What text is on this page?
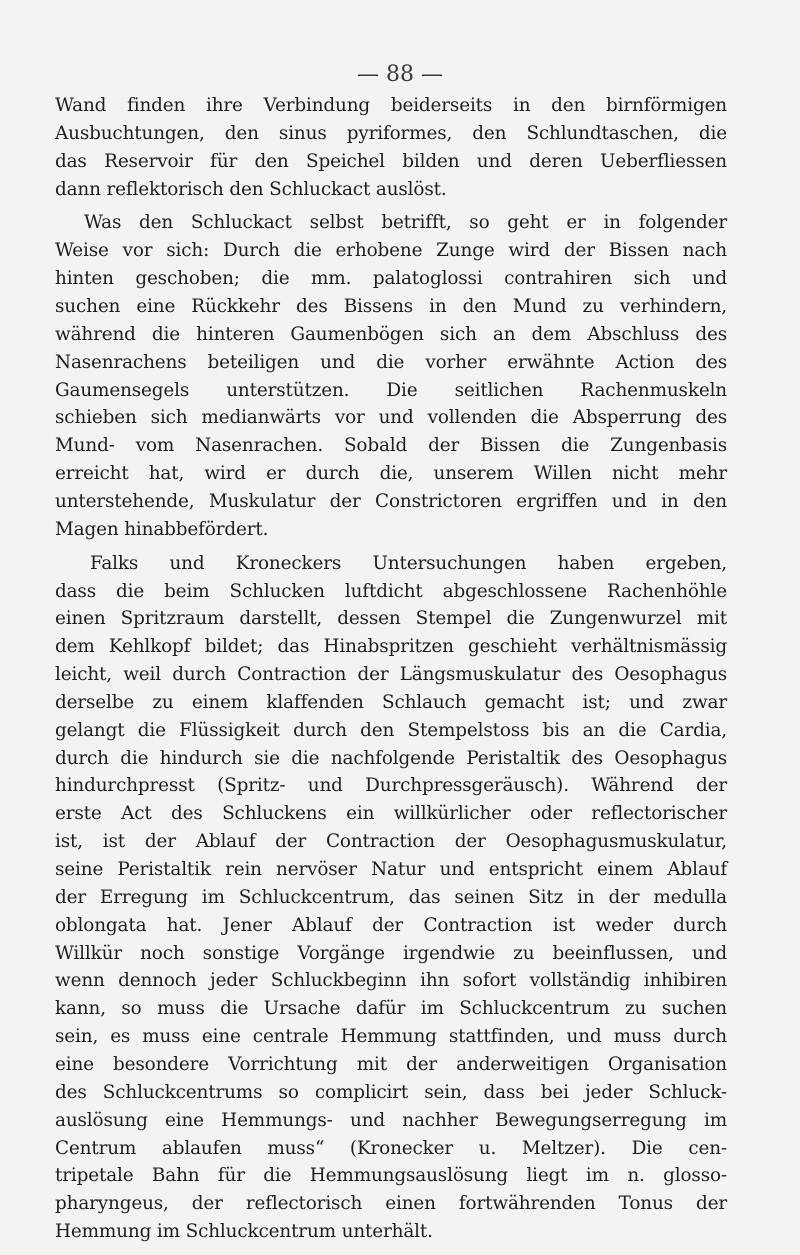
— 88 —
Wand finden ihre Verbindung beiderseits in den birnförmigen
Ausbuchtungen, den sinus pyriformes, den Schlundtaschen, die
das Reservoir für den Speichel bilden und deren Ueberfliessen
dann reflektorisch den Schluckact auslöst.
Was den Schluckact selbst betrifft, so geht er in folgender
Weise vor sich: Durch die erhobene Zunge wird der Bissen nach
hinten geschoben; die mm. palatoglossi contrahiren sich und
suchen eine Rückkehr des Bissens in den Mund zu verhindern,
während die hinteren Gaumenbögen sich an dem Abschluss des
Nasenrachens beteiligen und die vorher erwähnte Action des
Gaumensegels unterstützen. Die seitlichen Rachenmuskeln
schieben sich medianwärts vor und vollenden die Absperrung des
Mund- vom Nasenrachen. Sobald der Bissen die Zungenbasis
erreicht hat, wird er durch die, unserem Willen nicht mehr
unterstehende, Muskulatur der Constrictoren ergriffen und in den
Magen hinabbefördert.
Falks und Kroneckers Untersuchungen haben ergeben,
dass die beim Schlucken luftdicht abgeschlossene Rachenhöhle
einen Spritzraum darstellt, dessen Stempel die Zungenwurzel mit
dem Kehlkopf bildet; das Hinabspritzen geschieht verhältnismässig
leicht, weil durch Contraction der Längsmuskulatur des Oesophagus
derselbe zu einem klaffenden Schlauch gemacht ist; und zwar
gelangt die Flüssigkeit durch den Stempelstoss bis an die Cardia,
durch die hindurch sie die nachfolgende Peristaltik des Oesophagus
hindurchpresst (Spritz- und Durchpressgeräusch). Während der
erste Act des Schluckens ein willkürlicher oder reflectorischer
ist, ist der Ablauf der Contraction der Oesophagusmuskulatur,
seine Peristaltik rein nervöser Natur und entspricht einem Ablauf
der Erregung im Schluckcentrum, das seinen Sitz in der medulla
oblongata hat. Jener Ablauf der Contraction ist weder durch
Willkür noch sonstige Vorgänge irgendwie zu beeinflussen, und
wenn dennoch jeder Schluckbeginn ihn sofort vollständig inhibiren
kann, so muss die Ursache dafür im Schluckcentrum zu suchen
sein, es muss eine centrale Hemmung stattfinden, und muss durch
eine besondere Vorrichtung mit der anderweitigen Organisation
des Schluckcentrums so complicirt sein, dass bei jeder Schluck-
auslösung eine Hemmungs- und nachher Bewegungserregung im
Centrum ablaufen muss“ (Kronecker u. Meltzer). Die cen-
tripetale Bahn für die Hemmungsauslösung liegt im n. glosso-
pharyngeus, der reflectorisch einen fortwährenden Tonus der
Hemmung im Schluckcentrum unterhält.
